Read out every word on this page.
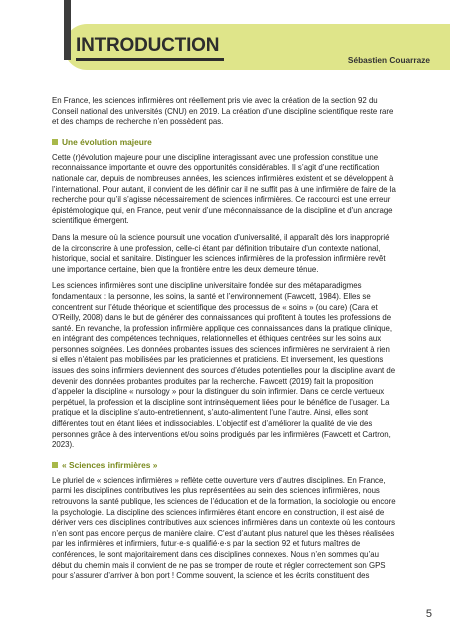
INTRODUCTION

Sébastien Couarraze

En France, les sciences infirmières ont réellement pris vie avec la création de la section 92 du Conseil national des universités (CNU) en 2019. La création d’une discipline scientifique reste rare et des champs de recherche n’en possèdent pas.

Une évolution majeure

Cette (r)évolution majeure pour une discipline interagissant avec une profession constitue une reconnaissance importante et ouvre des opportunités considérables. Il s’agit d’une rectification nationale car, depuis de nombreuses années, les sciences infirmières existent et se développent à l’international. Pour autant, il convient de les définir car il ne suffit pas à une infirmière de faire de la recherche pour qu’il s’agisse nécessairement de sciences infirmières. Ce raccourci est une erreur épistémologique qui, en France, peut venir d’une méconnaissance de la discipline et d’un ancrage scientifique émergent.

Dans la mesure où la science poursuit une vocation d’universalité, il apparaît dès lors inapproprié de la circonscrire à une profession, celle-ci étant par définition tributaire d’un contexte national, historique, social et sanitaire. Distinguer les sciences infirmières de la profession infirmière revêt une importance certaine, bien que la frontière entre les deux demeure ténue.

Les sciences infirmières sont une discipline universitaire fondée sur des métaparadigmes fondamentaux : la personne, les soins, la santé et l’environnement (Fawcett, 1984). Elles se concentrent sur l’étude théorique et scientifique des processus de « soins » (ou care) (Cara et O’Reilly, 2008) dans le but de générer des connaissances qui profitent à toutes les professions de santé. En revanche, la profession infirmière applique ces connaissances dans la pratique clinique, en intégrant des compétences techniques, relationnelles et éthiques centrées sur les soins aux personnes soignées. Les données probantes issues des sciences infirmières ne serviraient à rien si elles n’étaient pas mobilisées par les praticiennes et praticiens. Et inversement, les questions issues des soins infirmiers deviennent des sources d’études potentielles pour la discipline avant de devenir des données probantes produites par la recherche. Fawcett (2019) fait la proposition d’appeler la discipline « nursology » pour la distinguer du soin infirmier. Dans ce cercle vertueux perpétuel, la profession et la discipline sont intrinsèquement liées pour le bénéfice de l’usager. La pratique et la discipline s’auto-entretiennent, s’auto-alimentent l’une l’autre. Ainsi, elles sont différentes tout en étant liées et indissociables. L’objectif est d’améliorer la qualité de vie des personnes grâce à des interventions et/ou soins prodigués par les infirmières (Fawcett et Cartron, 2023).

« Sciences infirmières »

Le pluriel de « sciences infirmières » reflète cette ouverture vers d’autres disciplines. En France, parmi les disciplines contributives les plus représentées au sein des sciences infirmières, nous retrouvons la santé publique, les sciences de l’éducation et de la formation, la sociologie ou encore la psychologie. La discipline des sciences infirmières étant encore en construction, il est aisé de dériver vers ces disciplines contributives aux sciences infirmières dans un contexte où les contours n’en sont pas encore perçus de manière claire. C’est d’autant plus naturel que les thèses réalisées par les infirmières et infirmiers, futur·e·s qualifié·e·s par la section 92 et futurs maîtres de conférences, le sont majoritairement dans ces disciplines connexes. Nous n’en sommes qu’au début du chemin mais il convient de ne pas se tromper de route et régler correctement son GPS pour s’assurer d’arriver à bon port ! Comme souvent, la science et les écrits constituent des

5
